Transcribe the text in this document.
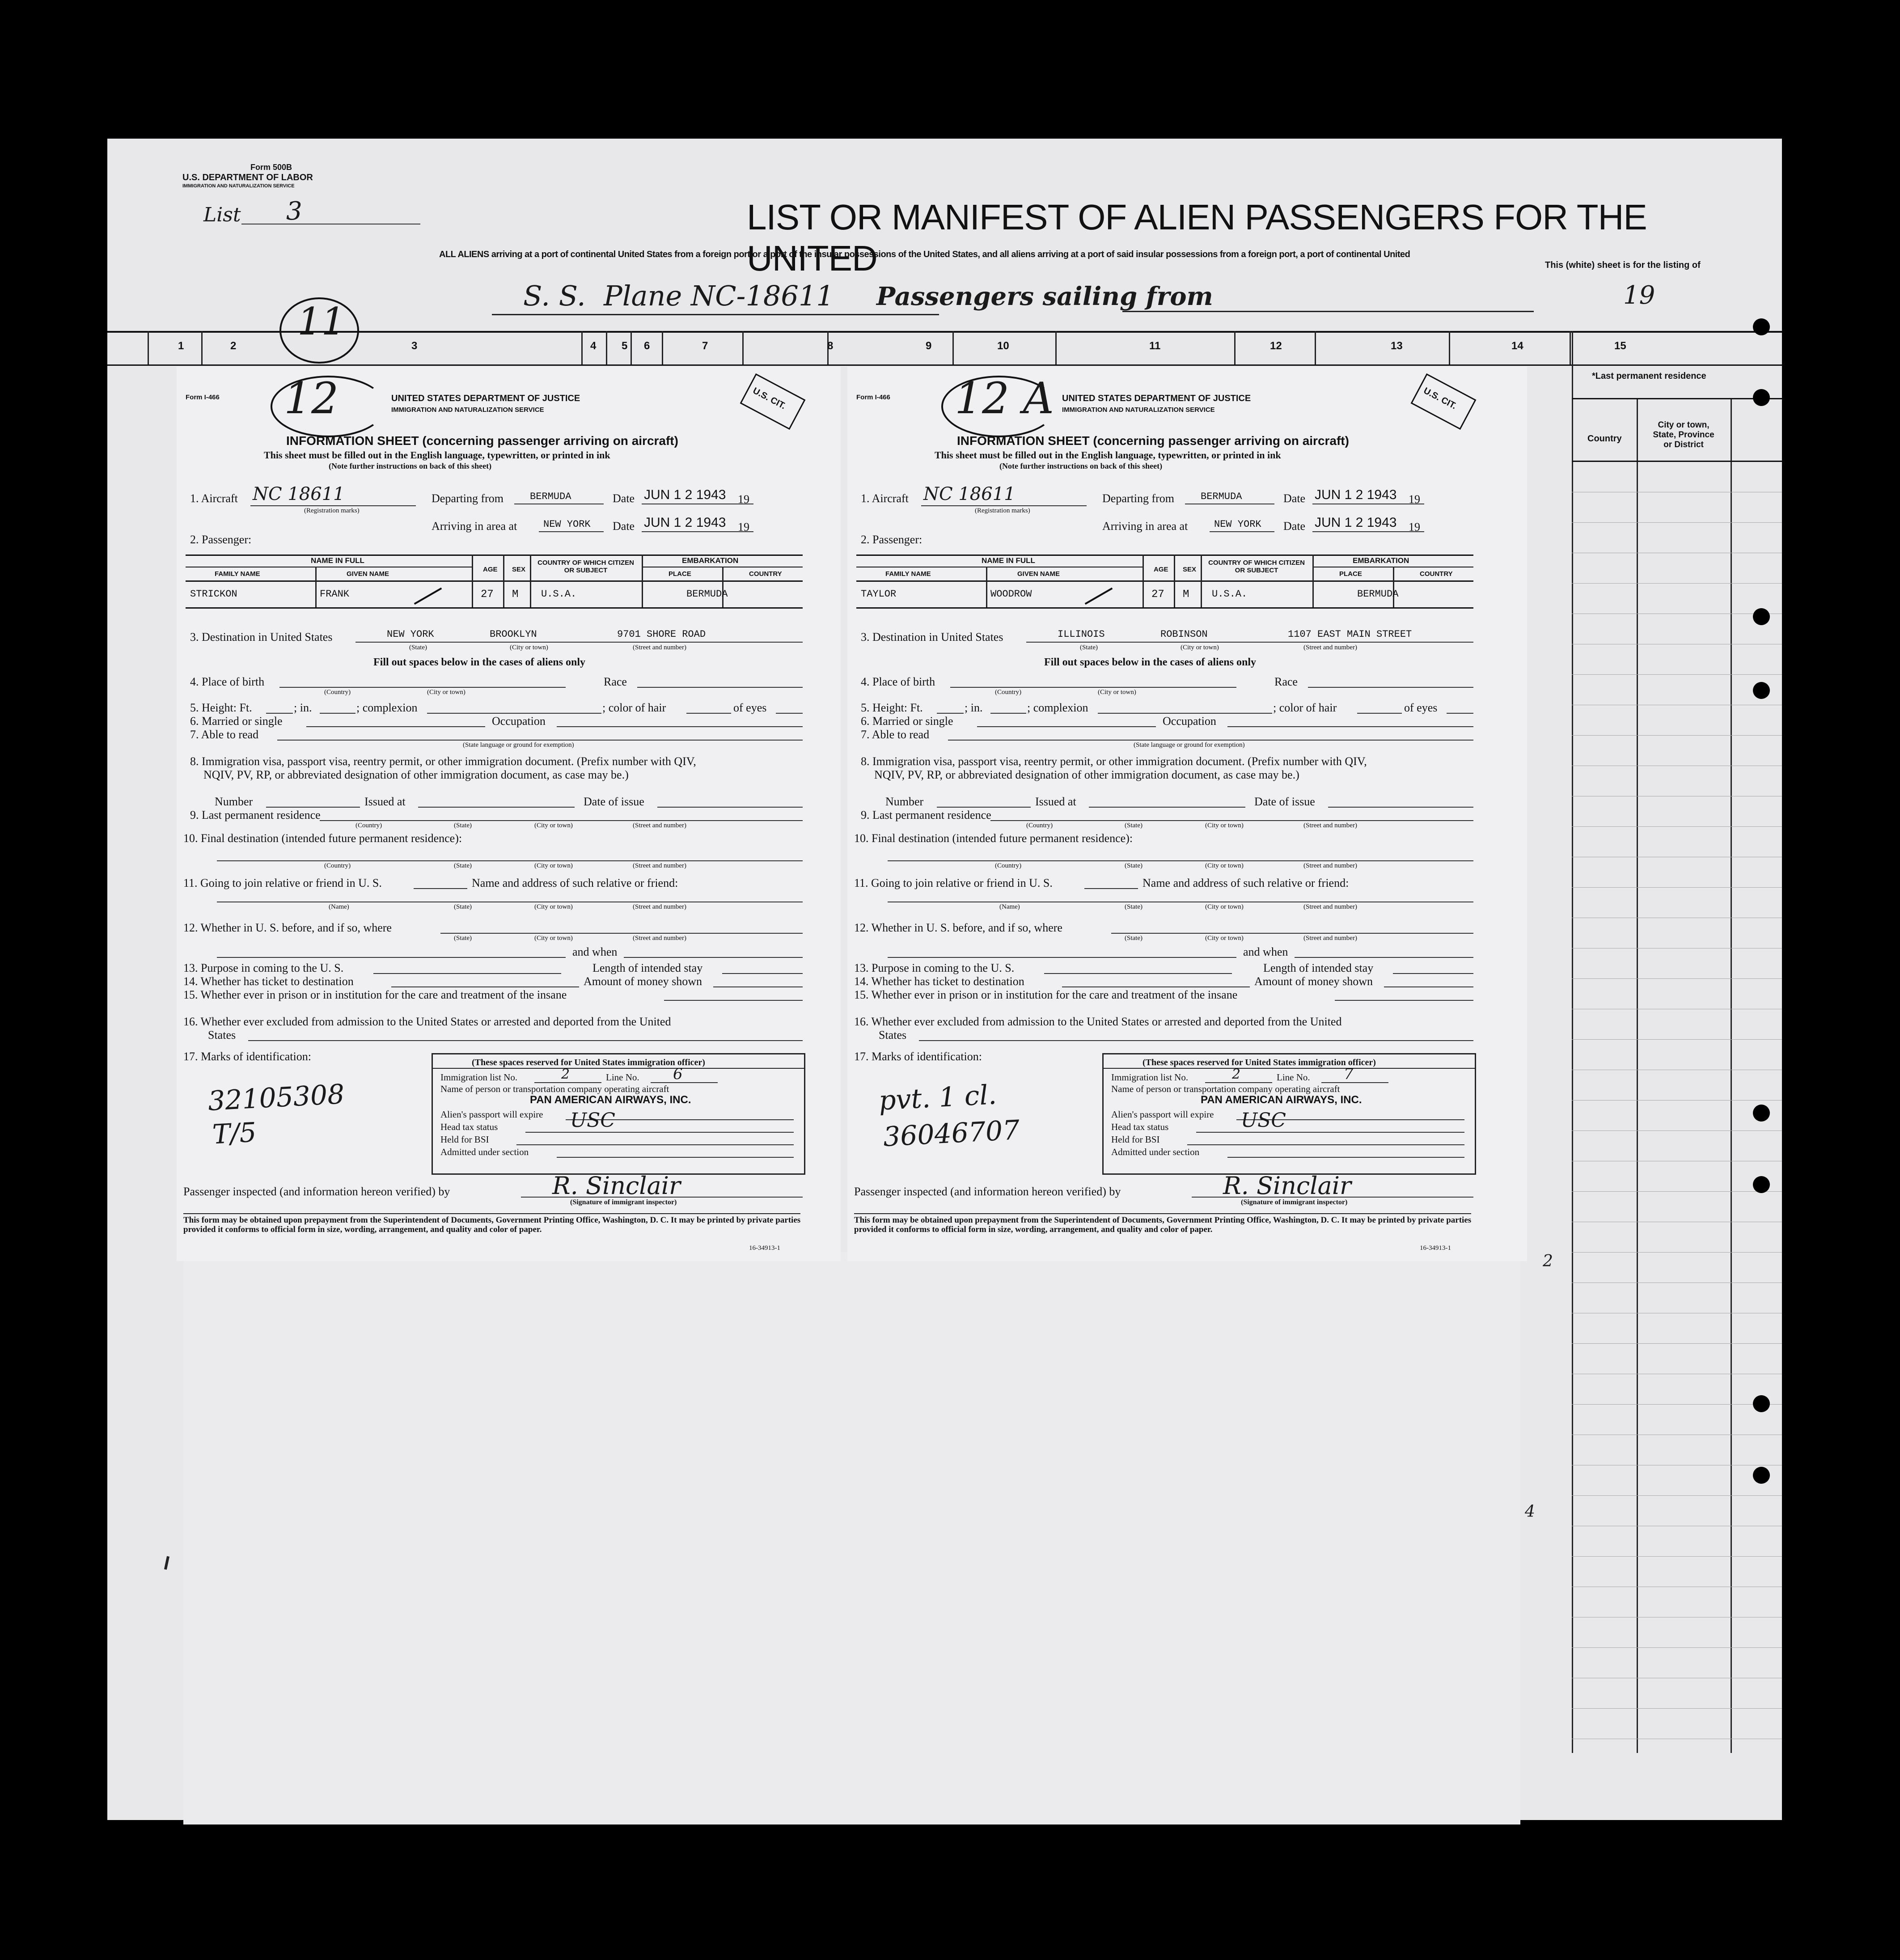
Form 500B
U.S. DEPARTMENT OF LABOR
IMMIGRATION AND NATURALIZATION SERVICE
List 3	LIST OR MANIFEST OF ALIEN PASSENGERS FOR THE UNITED
ALL ALIENS arriving at a port of continental United States from a foreign port or a port of the insular possessions of the United States, and all aliens arriving at a port of said insular possessions from a foreign port, a port of continental United
This (white) sheet is for the listing of
S. S. Plane NC-18611 Passengers sailing from	19
11
1	2	3	4 5 6	7	8	9	10	11	12	13	14	15
*Last permanent residence
Country
City or town, State, Province or District
2
4
Form I-466 12	U.S. CIT.
UNITED STATES DEPARTMENT OF JUSTICE
IMMIGRATION AND NATURALIZATION SERVICE
INFORMATION SHEET (concerning passenger arriving on aircraft)
This sheet must be filled out in the English language, typewritten, or printed in ink
(Note further instructions on back of this sheet)
1. Aircraft NC 18611
(Registration marks)
Departing from	BERMUDA	Date JUN 1 2 1943 19
Arriving in area at	NEW YORK Date JUN 1 2 1943 19
2. Passenger:
NAME IN FULL	EMBARKATION
FAMILY NAME	GIVEN NAME
AGE SEX
COUNTRY OF WHICH CITIZEN OR SUBJECT	PLACE	COUNTRY
STRICKON	FRANK	27 M U.S.A.	BERMUDA
3. Destination in United States	NEW YORK	BROOKLYN	9701 SHORE ROAD
(State)	(City or town)	(Street and number)
Fill out spaces below in the cases of aliens only
4. Place of birth
(Country)	(City or town)
Race
5. Height: Ft.	; in.	; complexion	; color of hair	of eyes
6. Married or single	Occupation
7. Able to read
(State language or ground for exemption)
8. Immigration visa, passport visa, reentry permit, or other immigration document. (Prefix number with QIV,
NQIV, PV, RP, or abbreviated designation of other immigration document, as case may be.)
Number	Issued at	Date of issue
9. Last permanent residence
(Country)	(State)	(City or town)	(Street and number)
10. Final destination (intended future permanent residence):
(Country)	(State)	(City or town)	(Street and number)
11. Going to join relative or friend in U. S.	Name and address of such relative or friend:
(Name)	(State)	(City or town)	(Street and number)
12. Whether in U. S. before, and if so, where
(State)	(City or town)	(Street and number)
and when
13. Purpose in coming to the U. S.	Length of intended stay
14. Whether has ticket to destination	Amount of money shown
15. Whether ever in prison or in institution for the care and treatment of the insane
16. Whether ever excluded from admission to the United States or arrested and deported from the United
States
17. Marks of identification:
32105308
T/5
(These spaces reserved for United States immigration officer)
Immigration list No.	2	Line No. 6
Name of person or transportation company operating aircraft
PAN AMERICAN AIRWAYS, INC.
Alien's passport will expire
Head tax status	USC
Held for BSI
Admitted under section
Passenger inspected (and information hereon verified) by	R. Sinclair
(Signature of immigrant inspector)
This form may be obtained upon prepayment from the Superintendent of Documents, Government Printing Office, Washington, D. C. It may be printed by private parties provided it conforms to official form in size, wording, arrangement, and quality and color of paper.
16-34913-1
Form I-466 12 A	U.S. CIT.
UNITED STATES DEPARTMENT OF JUSTICE
IMMIGRATION AND NATURALIZATION SERVICE
INFORMATION SHEET (concerning passenger arriving on aircraft)
This sheet must be filled out in the English language, typewritten, or printed in ink
(Note further instructions on back of this sheet)
1. Aircraft NC 18611
(Registration marks)
Departing from	BERMUDA	Date JUN 1 2 1943 19
Arriving in area at	NEW YORK Date JUN 1 2 1943 19
2. Passenger:
NAME IN FULL	EMBARKATION
FAMILY NAME	GIVEN NAME
AGE SEX
COUNTRY OF WHICH CITIZEN OR SUBJECT	PLACE	COUNTRY
TAYLOR	WOODROW	27 M U.S.A.	BERMUDA
3. Destination in United States	ILLINOIS	ROBINSON	1107 EAST MAIN STREET
(State)	(City or town)	(Street and number)
Fill out spaces below in the cases of aliens only
4. Place of birth
(Country)	(City or town)
Race
5. Height: Ft.	; in.	; complexion	; color of hair	of eyes
6. Married or single	Occupation
7. Able to read
(State language or ground for exemption)
8. Immigration visa, passport visa, reentry permit, or other immigration document. (Prefix number with QIV,
NQIV, PV, RP, or abbreviated designation of other immigration document, as case may be.)
Number	Issued at	Date of issue
9. Last permanent residence
(Country)	(State)	(City or town)	(Street and number)
10. Final destination (intended future permanent residence):
(Country)	(State)	(City or town)	(Street and number)
11. Going to join relative or friend in U. S.	Name and address of such relative or friend:
(Name)	(State)	(City or town)	(Street and number)
12. Whether in U. S. before, and if so, where
(State)	(City or town)	(Street and number)
and when
13. Purpose in coming to the U. S.	Length of intended stay
14. Whether has ticket to destination	Amount of money shown
15. Whether ever in prison or in institution for the care and treatment of the insane
16. Whether ever excluded from admission to the United States or arrested and deported from the United
States
17. Marks of identification:
pvt. 1 cl.
36046707
(These spaces reserved for United States immigration officer)
Immigration list No.	2	Line No. 7
Name of person or transportation company operating aircraft
PAN AMERICAN AIRWAYS, INC.
Alien's passport will expire
Head tax status	USC
Held for BSI
Admitted under section
Passenger inspected (and information hereon verified) by	R. Sinclair
(Signature of immigrant inspector)
This form may be obtained upon prepayment from the Superintendent of Documents, Government Printing Office, Washington, D. C. It may be printed by private parties provided it conforms to official form in size, wording, arrangement, and quality and color of paper.
16-34913-1
